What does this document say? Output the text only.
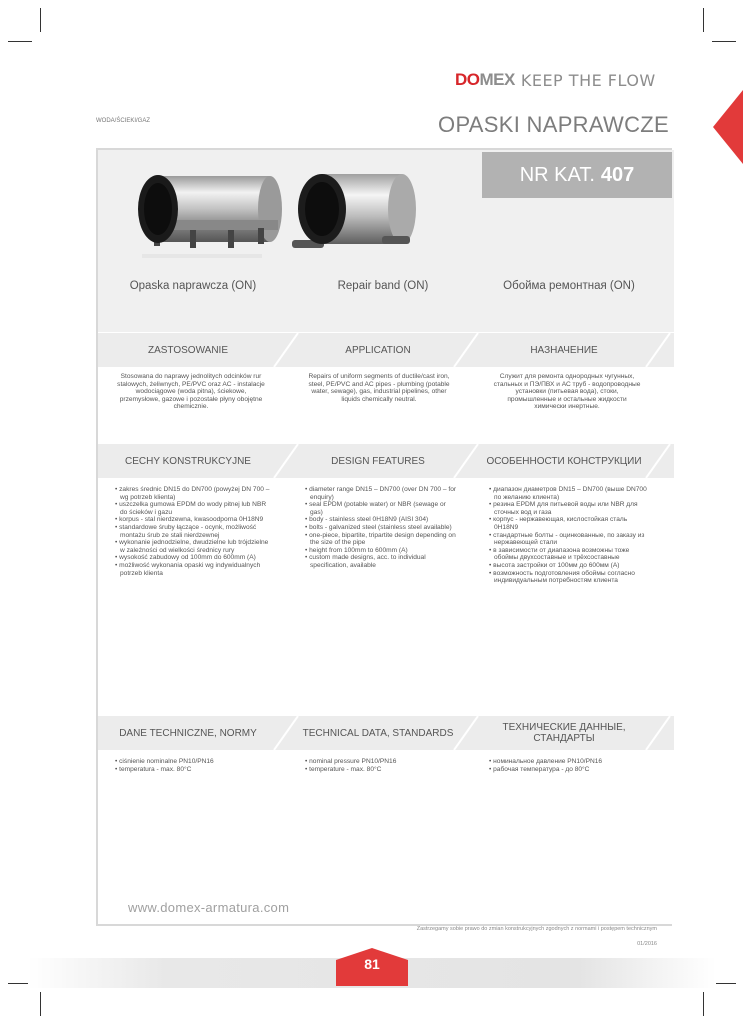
DOMEX KEEP THE FLOW
WODA/ŚCIEKI/GAZ	OPASKI NAPRAWCZE
NR KAT. 407
Opaska naprawcza (ON)	Repair band (ON)	Обойма ремонтная (ON)
ZASTOSOWANIE	APPLICATION	НАЗНАЧЕНИЕ
Stosowana do naprawy jednolitych odcinków rur stalowych, żeliwnych, PE/PVC oraz AC - instalacje wodociągowe (woda pitna), ściekowe, przemysłowe, gazowe i pozostałe płyny obojętne chemicznie.
Repairs of uniform segments of ductile/cast iron, steel, PE/PVC and AC pipes - plumbing (potable water, sewage), gas, industrial pipelines, other liquids chemically neutral.
Служит для ремонта однородных чугунных, стальных и ПЭ/ПВХ и АС труб - водопроводные установки (питьевая вода), стоки, промышленные и остальные жидкости химически инертные.
CECHY KONSTRUKCYJNE	DESIGN FEATURES	ОСОБЕННОСТИ КОНСТРУКЦИИ
• zakres średnic DN15 do DN700 (powyżej DN 700 – wg potrzeb klienta)
• uszczelka gumowa EPDM do wody pitnej lub NBR do ścieków i gazu
• korpus - stal nierdzewna, kwasoodporna 0H18N9
• standardowe śruby łączące - ocynk, możliwość montażu śrub ze stali nierdzewnej
• wykonanie jednodzielne, dwudzielne lub trójdzielne w zależności od wielkości średnicy rury
• wysokość zabudowy od 100mm do 600mm (A)
• możliwość wykonania opaski wg indywidualnych potrzeb klienta
• diameter range DN15 – DN700 (over DN 700 – for enquiry)
• seal EPDM (potable water) or NBR (sewage or gas)
• body - stainless steel 0H18N9 (AISI 304)
• bolts - galvanized steel (stainless steel available)
• one-piece, bipartite, tripartite design depending on the size of the pipe
• height from 100mm to 600mm (A)
• custom made designs, acc. to individual specification, available
• диапазон диаметров DN15 – DN700 (выше DN700 по желанию клиента)
• резина EPDM для питьевой воды или NBR для сточных вод и газа
• корпус - нержавеющая, кислостойкая сталь 0H18N9
• стандартные болты - оцинкованные, по заказу из нержавеющей стали
• в зависимости от диапазона возможны тоже обоймы двухсоставные и трёхсоставные
• высота застройки от 100мм до 600мм (A)
• возможность подготовления обоймы согласно индивидуальным потребностям клиента
DANE TECHNICZNE, NORMY	TECHNICAL DATA, STANDARDS	ТЕХНИЧЕСКИЕ ДАННЫЕ, СТАНДАРТЫ
• ciśnienie nominalne PN10/PN16
• temperatura - max. 80°C
• nominal pressure PN10/PN16
• temperature - max. 80°C
• номинальное давление PN10/PN16
• рабочая температура - до 80°C
www.domex-armatura.com
Zastrzegamy sobie prawo do zmian konstrukcyjnych zgodnych z normami i postępem technicznym
01/2016
81
